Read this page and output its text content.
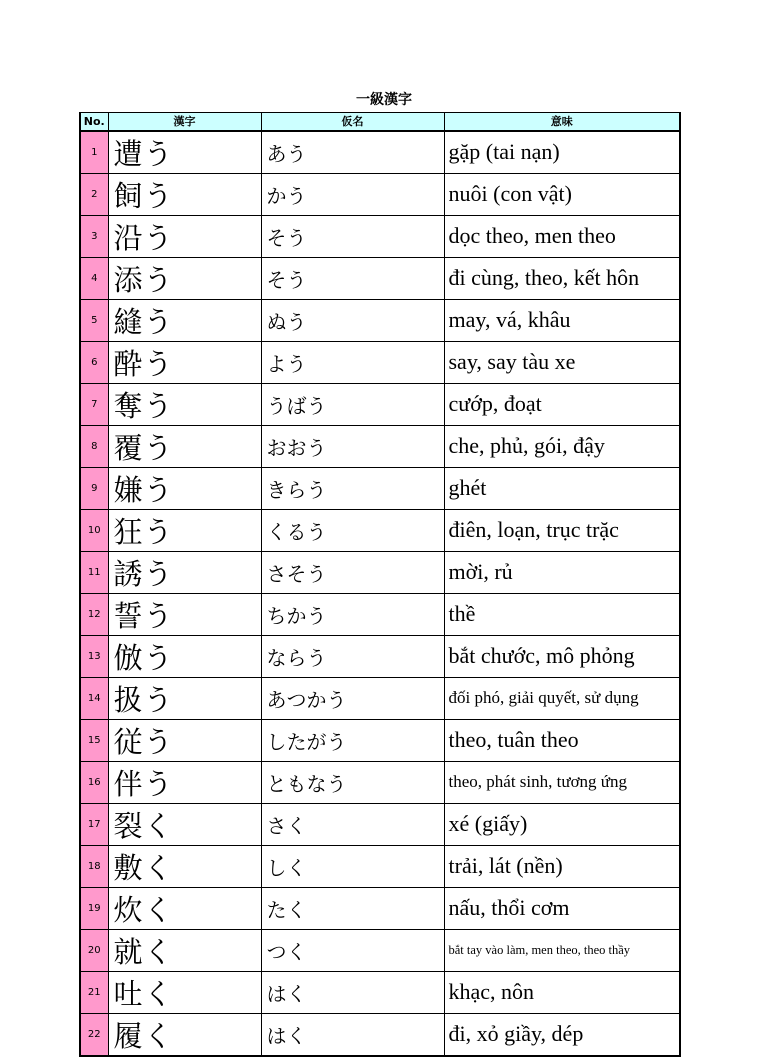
一級漢字
No.	漢字	仮名	意味
1	遭う	あう	gặp (tai nạn)
2	飼う	かう	nuôi (con vật)
3	沿う	そう	dọc theo, men theo
4	添う	そう	đi cùng, theo, kết hôn
5	縫う	ぬう	may, vá, khâu
6	酔う	よう	say, say tàu xe
7	奪う	うばう	cướp, đoạt
8	覆う	おおう	che, phủ, gói, đậy
9	嫌う	きらう	ghét
10	狂う	くるう	điên, loạn, trục trặc
11	誘う	さそう	mời, rủ
12	誓う	ちかう	thề
13	倣う	ならう	bắt chước, mô phỏng
14	扱う	あつかう	đối phó, giải quyết, sử dụng
15	従う	したがう	theo, tuân theo
16	伴う	ともなう	theo, phát sinh, tương ứng
17	裂く	さく	xé (giấy)
18	敷く	しく	trải, lát (nền)
19	炊く	たく	nấu, thổi cơm
20	就く	つく	bắt tay vào làm, men theo, theo thầy
21	吐く	はく	khạc, nôn
22	履く	はく	đi, xỏ giầy, dép
